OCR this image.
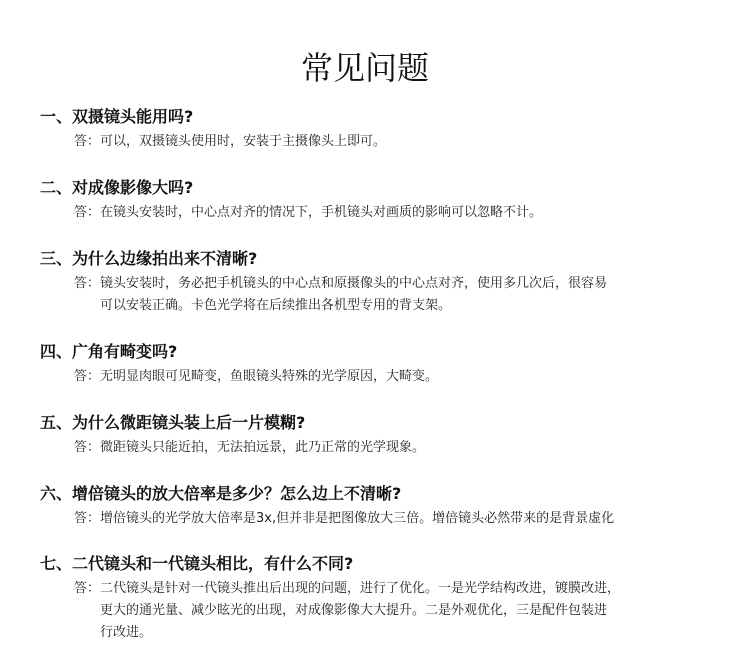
常见问题

一、双摄镜头能用吗?

答： 可以，双摄镜头使用时，安装于主摄像头上即可。

二、对成像影像大吗?

答： 在镜头安装时，中心点对齐的情况下，手机镜头对画质的影响可以忽略不计。

三、为什么边缘拍出来不清晰?

答： 镜头安装时，务必把手机镜头的中心点和原摄像头的中心点对齐，使用多几次后，很容易
可以安装正确。卡色光学将在后续推出各机型专用的背支架。

四、广角有畸变吗?

答： 无明显肉眼可见畸变，鱼眼镜头特殊的光学原因，大畸变。

五、为什么微距镜头装上后一片模糊?

答： 微距镜头只能近拍，无法拍远景，此乃正常的光学现象。

六、增倍镜头的放大倍率是多少？怎么边上不清晰?

答： 增倍镜头的光学放大倍率是3x,但并非是把图像放大三倍。增倍镜头必然带来的是背景虚化

七、二代镜头和一代镜头相比，有什么不同?

答： 二代镜头是针对一代镜头推出后出现的问题，进行了优化。一是光学结构改进，镀膜改进，
更大的通光量、减少眩光的出现，对成像影像大大提升。二是外观优化，三是配件包装进
行改进。
